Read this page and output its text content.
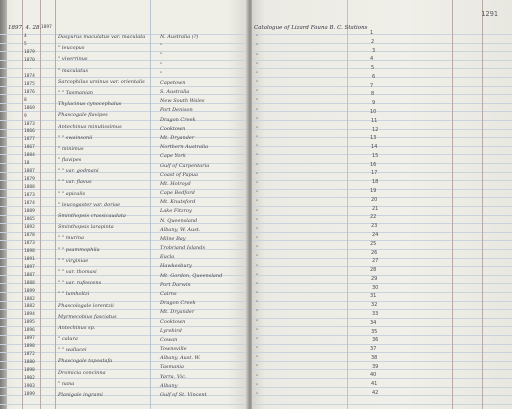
1897. 4. 28. 1897
4
5
1879
1870
...
1874
1875
1876
8
1869
9
1873
1866
1877
1867
1884
18
1887
1879
1888
1873
1874
1889
1865
1892
1878
1873
1898
1891
1897
1887
1888
1899
1882
1882
1894
1895
1896
1897
1898
1872
1880
1898
1902
1903
1899
Dasyurus maculatus var. maculata
" leucopus
" viverrinus
" maculatus
Sarcophilus ursinus var. orientalis
" " Tasmanian
Thylacinus cynocephalus
Phascogale flavipes
Antechinus minutissimus
" " swainsonii
" minimus
" flavipes
" " var. godmani
" " var. flavus
" " apicalis
" leucogaster var. doriae
Sminthopsis crassicaudata
Sminthopsis larapinta
" " murina
" " psammophila
" " virginiae
" " var. thomasi
" " var. rufescens
" " lumholtzi
Phascologale lorentzii
Myrmecobius fasciatus
Antechinus sp.
" calura
" " wallacei
Phascogale tapoatafa
Dromicia concinna
" nana
Planigale ingrami
N. Australia (?)
"
"
"
"
Capetown
S. Australia
New South Wales
Port Denison
Dragon Creek
Cooktown
Mt. Dryander
Northern Australia
Cape York
Gulf of Carpentaria
Coast of Papua
Mt. Holroyd
Cape Bedford
Mt. Knutsford
Lake Fitzroy
N. Queensland
Albany, W. Aust.
Milne Bay
Trobriand Islands
Eucla
Hawkesbury
Mt. Gordon, Queensland
Port Darwin
Cairns
Dragon Creek
Mt. Dryander
Cooktown
Lyrebird
Cowan
Townsville
Albany, Aust. W.
Tasmania
Yarra, Vic.
Albany
Gulf of St. Vincent
1291
Catalogue of Lizard Fauna B. C. Stations
"
"
"
"
"
"
"
"
"
"
"
"
"
"
"
"
"
"
"
"
"
"
"
"
"
"
"
"
"
"
"
"
"
"
"
"
"
"
"
"
1
2
3
4
5
6
7
8
9
10
11
12
13
14
15
16
17
18
19
20
21
22
23
24
25
26
27
28
29
30
31
32
33
34
35
36
37
38
39
40
41
42
